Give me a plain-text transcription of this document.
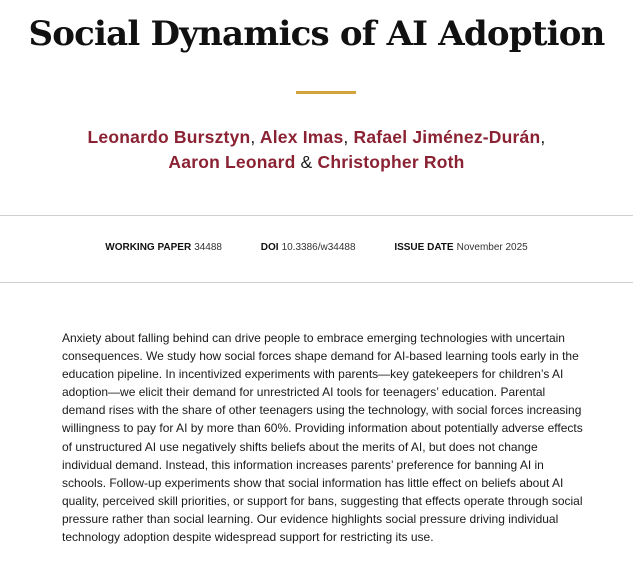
Social Dynamics of AI Adoption
Leonardo Bursztyn, Alex Imas, Rafael Jiménez-Durán,
Aaron Leonard & Christopher Roth
WORKING PAPER 34488	DOI 10.3386/w34488	ISSUE DATE November 2025

Anxiety about falling behind can drive people to embrace emerging technologies with uncertain consequences. We study how social forces shape demand for AI-based learning tools early in the education pipeline. In incentivized experiments with parents—key gatekeepers for children’s AI adoption—we elicit their demand for unrestricted AI tools for teenagers’ education. Parental demand rises with the share of other teenagers using the technology, with social forces increasing willingness to pay for AI by more than 60%. Providing information about potentially adverse effects of unstructured AI use negatively shifts beliefs about the merits of AI, but does not change individual demand. Instead, this information increases parents’ preference for banning AI in schools. Follow-up experiments show that social information has little effect on beliefs about AI quality, perceived skill priorities, or support for bans, suggesting that effects operate through social pressure rather than social learning. Our evidence highlights social pressure driving individual technology adoption despite widespread support for restricting its use.
